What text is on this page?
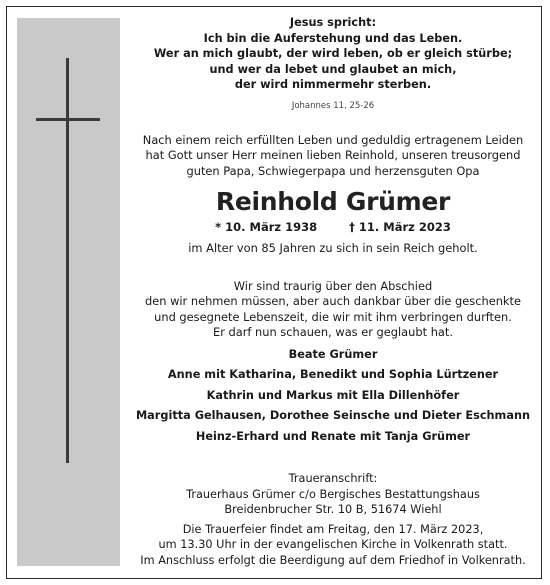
Jesus spricht:
Ich bin die Auferstehung und das Leben.
Wer an mich glaubt, der wird leben, ob er gleich stürbe;
und wer da lebet und glaubet an mich,
der wird nimmermehr sterben.
Johannes 11, 25-26
Nach einem reich erfüllten Leben und geduldig ertragenem Leiden
hat Gott unser Herr meinen lieben Reinhold, unseren treusorgend
guten Papa, Schwiegerpapa und herzensguten Opa
Reinhold Grümer
* 10. März 1938	† 11. März 2023
im Alter von 85 Jahren zu sich in sein Reich geholt.
Wir sind traurig über den Abschied
den wir nehmen müssen, aber auch dankbar über die geschenkte
und gesegnete Lebenszeit, die wir mit ihm verbringen durften.
Er darf nun schauen, was er geglaubt hat.
Beate Grümer
Anne mit Katharina, Benedikt und Sophia Lürtzener
Kathrin und Markus mit Ella Dillenhöfer
Margitta Gelhausen, Dorothee Seinsche und Dieter Eschmann
Heinz-Erhard und Renate mit Tanja Grümer
Traueranschrift:
Trauerhaus Grümer c/o Bergisches Bestattungshaus
Breidenbrucher Str. 10 B, 51674 Wiehl
Die Trauerfeier findet am Freitag, den 17. März 2023,
um 13.30 Uhr in der evangelischen Kirche in Volkenrath statt.
Im Anschluss erfolgt die Beerdigung auf dem Friedhof in Volkenrath.
